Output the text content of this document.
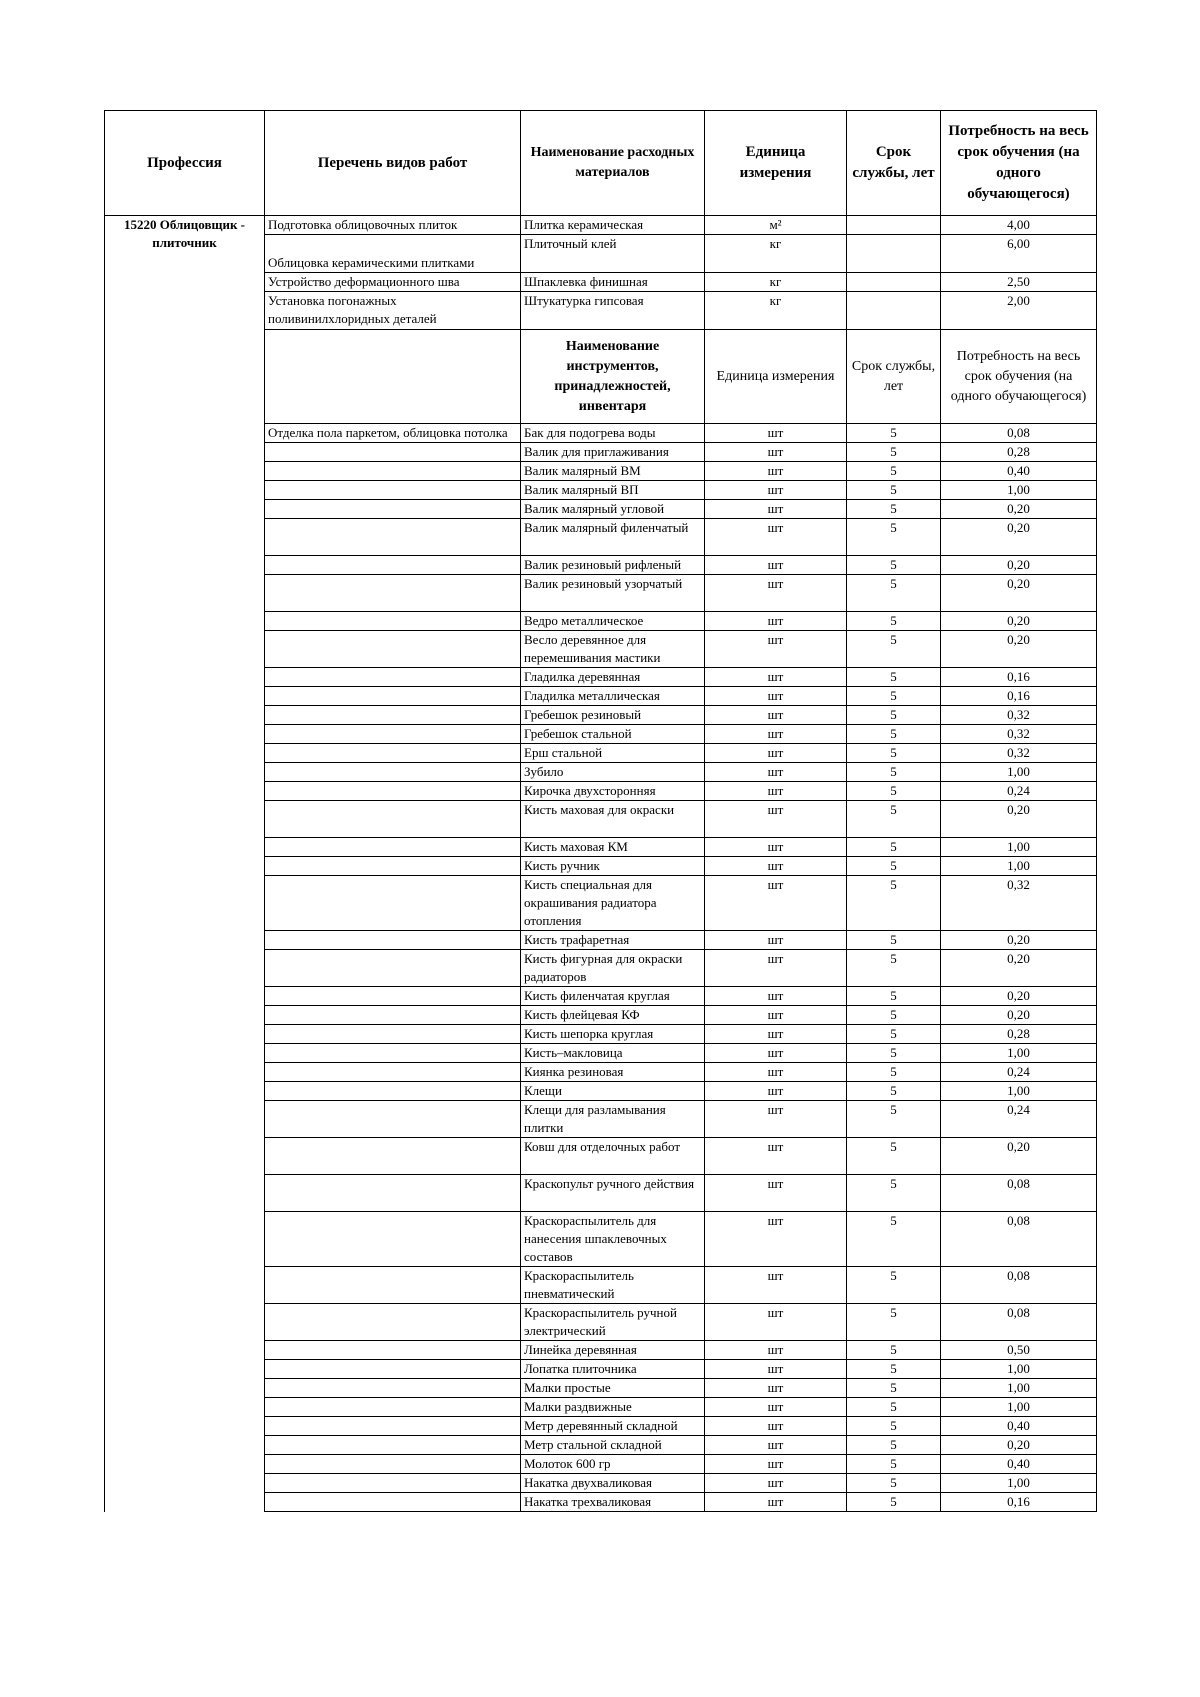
Профессия	Перечень видов работ	Наименование расходных материалов	Единица измерения	Срок службы, лет	Потребность на весь срок обучения (на одного обучающегося)
15220 Облицовщик - плиточник	Подготовка облицовочных плиток	Плитка керамическая	м²		4,00
	Облицовка керамическими плитками	Плиточный клей	кг		6,00
	Устройство деформационного шва	Шпаклевка финишная	кг		2,50
	Установка погонажных поливинилхлоридных деталей	Штукатурка гипсовая	кг		2,00
		Наименование инструментов, принадлежностей, инвентаря	Единица измерения	Срок службы, лет	Потребность на весь срок обучения (на одного обучающегося)
	Отделка пола паркетом, облицовка потолка	Бак для подогрева воды	шт	5	0,08
		Валик для приглаживания	шт	5	0,28
		Валик малярный ВМ	шт	5	0,40
		Валик малярный ВП	шт	5	1,00
		Валик малярный угловой	шт	5	0,20
		Валик малярный филенчатый	шт	5	0,20
		Валик резиновый рифленый	шт	5	0,20
		Валик резиновый узорчатый	шт	5	0,20
		Ведро металлическое	шт	5	0,20
		Весло деревянное для перемешивания мастики	шт	5	0,20
		Гладилка деревянная	шт	5	0,16
		Гладилка металлическая	шт	5	0,16
		Гребешок резиновый	шт	5	0,32
		Гребешок стальной	шт	5	0,32
		Ерш стальной	шт	5	0,32
		Зубило	шт	5	1,00
		Кирочка двухсторонняя	шт	5	0,24
		Кисть маховая для окраски	шт	5	0,20
		Кисть маховая КМ	шт	5	1,00
		Кисть ручник	шт	5	1,00
		Кисть специальная для окрашивания радиатора отопления	шт	5	0,32
		Кисть трафаретная	шт	5	0,20
		Кисть фигурная для окраски радиаторов	шт	5	0,20
		Кисть филенчатая круглая	шт	5	0,20
		Кисть флейцевая КФ	шт	5	0,20
		Кисть шепорка круглая	шт	5	0,28
		Кисть–макловица	шт	5	1,00
		Киянка резиновая	шт	5	0,24
		Клещи	шт	5	1,00
		Клещи для разламывания плитки	шт	5	0,24
		Ковш для отделочных работ	шт	5	0,20
		Краскопульт ручного действия	шт	5	0,08
		Краскораспылитель для нанесения шпаклевочных составов	шт	5	0,08
		Краскораспылитель пневматический	шт	5	0,08
		Краскораспылитель ручной электрический	шт	5	0,08
		Линейка деревянная	шт	5	0,50
		Лопатка плиточника	шт	5	1,00
		Малки простые	шт	5	1,00
		Малки раздвижные	шт	5	1,00
		Метр деревянный складной	шт	5	0,40
		Метр стальной складной	шт	5	0,20
		Молоток 600 гр	шт	5	0,40
		Накатка двухваликовая	шт	5	1,00
		Накатка трехваликовая	шт	5	0,16
